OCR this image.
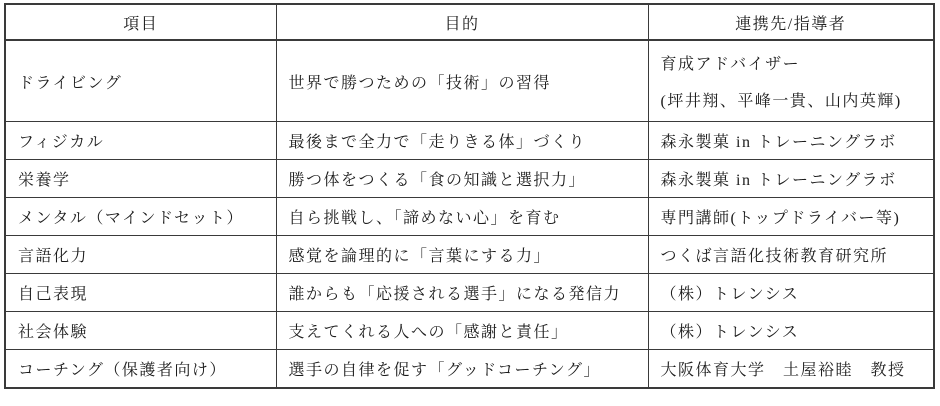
項目	目的	連携先/指導者
ドライビング	世界で勝つための「技術」の習得	育成アドバイザー
(坪井翔、平峰一貴、山内英輝)

フィジカル	最後まで全力で「走りきる体」づくり	森永製菓 in トレーニングラボ
栄養学	勝つ体をつくる「食の知識と選択力」	森永製菓 in トレーニングラボ
メンタル（マインドセット）	自ら挑戦し、「諦めない心」を育む	専門講師(トップドライバー等)
言語化力	感覚を論理的に「言葉にする力」	つくば言語化技術教育研究所
自己表現	誰からも「応援される選手」になる発信力	（株）トレンシス
社会体験	支えてくれる人への「感謝と責任」	（株）トレンシス
コーチング（保護者向け）	選手の自律を促す「グッドコーチング」	大阪体育大学　土屋裕睦　教授
